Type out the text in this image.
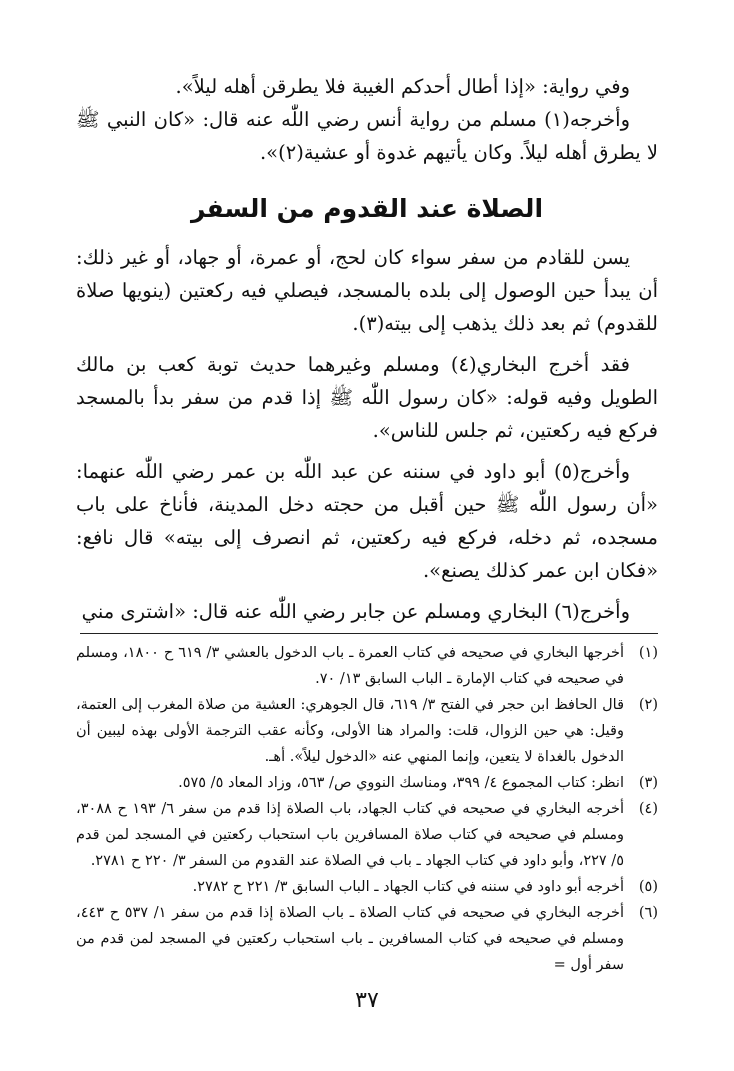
وفي رواية: «إذا أطال أحدكم الغيبة فلا يطرقن أهله ليلاً».

وأخرجه(١) مسلم من رواية أنس رضي اللّٰه عنه قال: «كان النبي ﷺ لا يطرق أهله ليلاً. وكان يأتيهم غدوة أو عشية(٢)».

الصلاة عند القدوم من السفر

يسن للقادم من سفر سواء كان لحج، أو عمرة، أو جهاد، أو غير ذلك: أن يبدأ حين الوصول إلى بلده بالمسجد، فيصلي فيه ركعتين (ينويها صلاة للقدوم) ثم بعد ذلك يذهب إلى بيته(٣).

فقد أخرج البخاري(٤) ومسلم وغيرهما حديث توبة كعب بن مالك الطويل وفيه قوله: «كان رسول اللّٰه ﷺ إذا قدم من سفر بدأ بالمسجد فركع فيه ركعتين، ثم جلس للناس».

وأخرج(٥) أبو داود في سننه عن عبد اللّٰه بن عمر رضي اللّٰه عنهما: «أن رسول اللّٰه ﷺ حين أقبل من حجته دخل المدينة، فأناخ على باب مسجده، ثم دخله، فركع فيه ركعتين، ثم انصرف إلى بيته» قال نافع: «فكان ابن عمر كذلك يصنع».

وأخرج(٦) البخاري ومسلم عن جابر رضي اللّٰه عنه قال: «اشترى مني

(١)
أخرجها البخاري في صحيحه في كتاب العمرة ـ باب الدخول بالعشي ٣/ ٦١٩ ح ١٨٠٠، ومسلم في صحيحه في كتاب الإمارة ـ الباب السابق ١٣/ ٧٠.
(٢)
قال الحافظ ابن حجر في الفتح ٣/ ٦١٩، قال الجوهري: العشية من صلاة المغرب إلى العتمة، وقيل: هي حين الزوال، قلت: والمراد هنا الأولى، وكأنه عقب الترجمة الأولى بهذه ليبين أن الدخول بالغداة لا يتعين، وإنما المنهي عنه «الدخول ليلاً». أهـ.
(٣)
انظر: كتاب المجموع ٤/ ٣٩٩، ومناسك النووي ص/ ٥٦٣، وزاد المعاد ٥/ ٥٧٥.
(٤)
أخرجه البخاري في صحيحه في كتاب الجهاد، باب الصلاة إذا قدم من سفر ٦/ ١٩٣ ح ٣٠٨٨، ومسلم في صحيحه في كتاب صلاة المسافرين باب استحباب ركعتين في المسجد لمن قدم ٥/ ٢٢٧، وأبو داود في كتاب الجهاد ـ باب في الصلاة عند القدوم من السفر ٣/ ٢٢٠ ح ٢٧٨١.
(٥)
أخرجه أبو داود في سننه في كتاب الجهاد ـ الباب السابق ٣/ ٢٢١ ح ٢٧٨٢.
(٦)
أخرجه البخاري في صحيحه في كتاب الصلاة ـ باب الصلاة إذا قدم من سفر ١/ ٥٣٧ ح ٤٤٣، ومسلم في صحيحه في كتاب المسافرين ـ باب استحباب ركعتين في المسجد لمن قدم من سفر أول =

٣٧
